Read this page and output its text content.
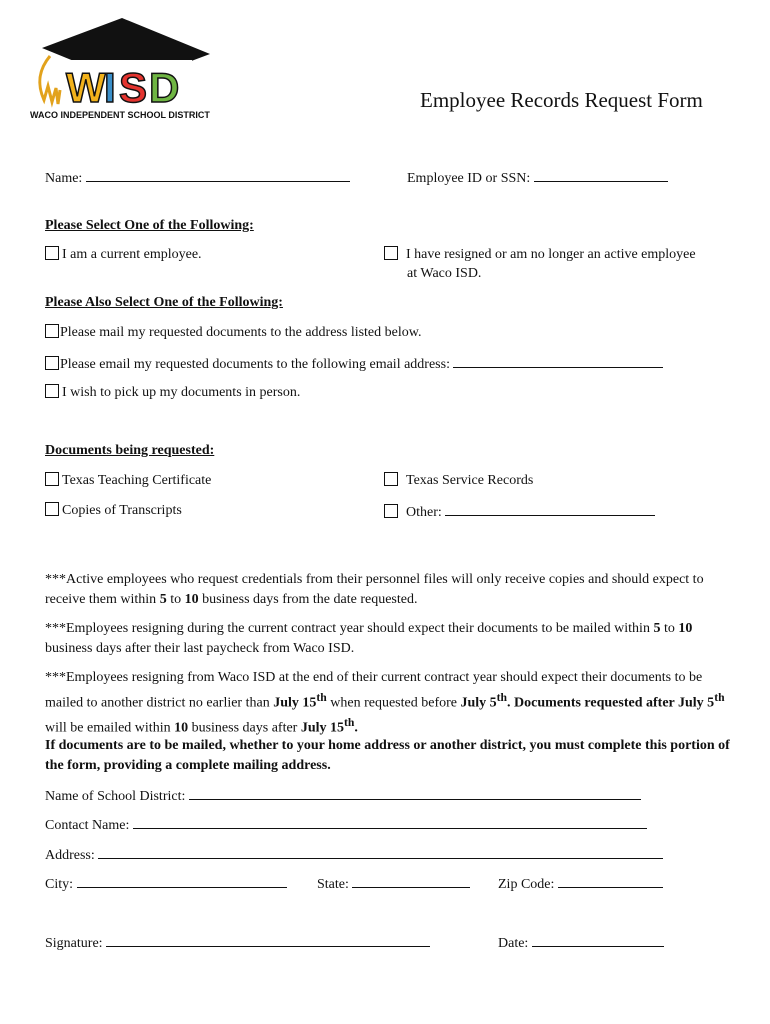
W
I S D
WACO INDEPENDENT SCHOOL DISTRICT
Employee Records Request Form
Name:	Employee ID or SSN:
Please Select One of the Following:
I am a current employee.	I have resigned or am no longer an active employee
at Waco ISD.
Please Also Select One of the Following:
Please mail my requested documents to the address listed below.
Please email my requested documents to the following email address:
I wish to pick up my documents in person.
Documents being requested:
Texas Teaching Certificate	Texas Service Records
Copies of Transcripts	Other:
***Active employees who request credentials from their personnel files will only receive copies and should expect to receive them within 5 to 10 business days from the date requested.
***Employees resigning during the current contract year should expect their documents to be mailed within 5 to 10 business days after their last paycheck from Waco ISD.
***Employees resigning from Waco ISD at the end of their current contract year should expect their documents to be mailed to another district no earlier than July 15th when requested before July 5th. Documents requested after July 5th will be emailed within 10 business days after July 15th.
If documents are to be mailed, whether to your home address or another district, you must complete this portion of the form, providing a complete mailing address.
Name of School District:
Contact Name:
Address:
City:	State:	Zip Code:
Signature:	Date:
